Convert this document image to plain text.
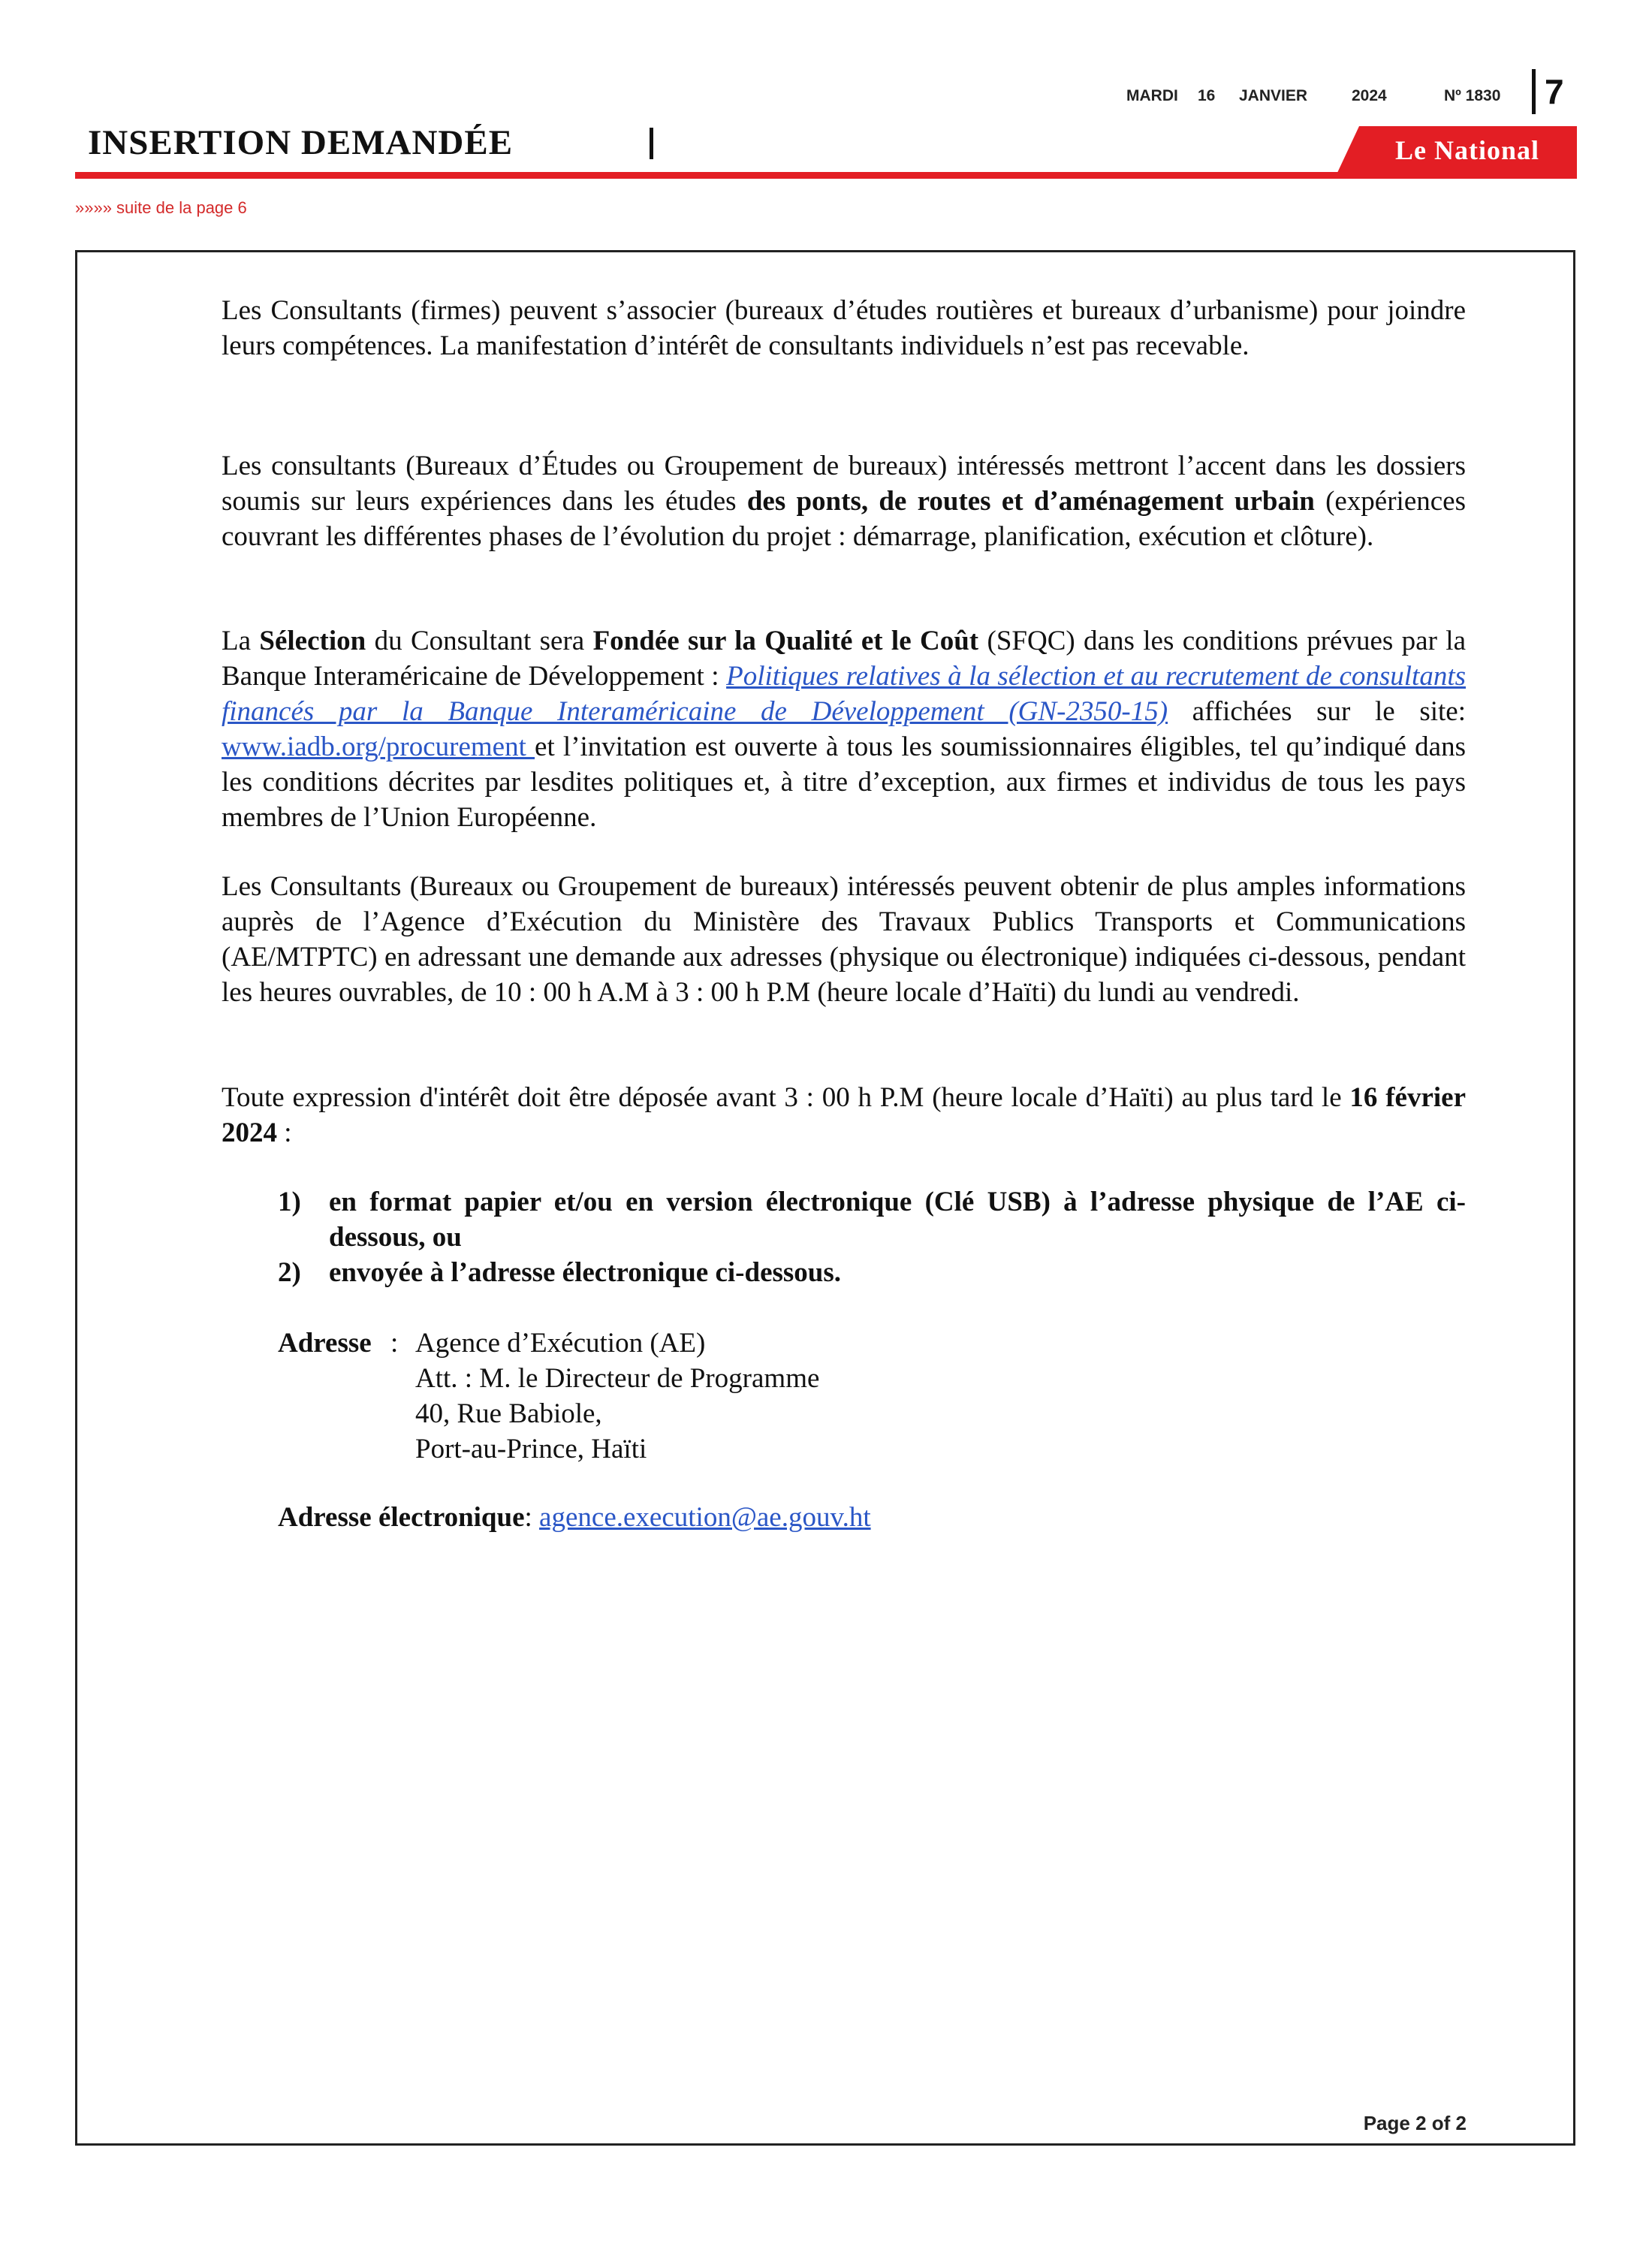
MARDI 16 JANVIER	2024	Nº 1830	7
INSERTION DEMANDÉE	Le National
»»»» suite de la page 6
Les Consultants (firmes) peuvent s’associer (bureaux d’études routières et bureaux d’urbanisme) pour joindre leurs compétences. La manifestation d’intérêt de consultants individuels n’est pas recevable.
Les consultants (Bureaux d’Études ou Groupement de bureaux) intéressés mettront l’accent dans les dossiers soumis sur leurs expériences dans les études des ponts, de routes et d’aménagement urbain (expériences couvrant les différentes phases de l’évolution du projet : démarrage, planification, exécution et clôture).
La Sélection du Consultant sera Fondée sur la Qualité et le Coût (SFQC) dans les conditions prévues par la Banque Interaméricaine de Développement : Politiques relatives à la sélection et au recrutement de consultants financés par la Banque Interaméricaine de Développement (GN-2350-15) affichées sur le site: www.iadb.org/procurement et l’invitation est ouverte à tous les soumissionnaires éligibles, tel qu’indiqué dans les conditions décrites par lesdites politiques et, à titre d’exception, aux firmes et individus de tous les pays membres de l’Union Européenne.
Les Consultants (Bureaux ou Groupement de bureaux) intéressés peuvent obtenir de plus amples informations auprès de l’Agence d’Exécution du Ministère des Travaux Publics Transports et Communications (AE/MTPTC) en adressant une demande aux adresses (physique ou électronique) indiquées ci-dessous, pendant les heures ouvrables, de 10 : 00 h A.M à 3 : 00 h P.M (heure locale d’Haïti) du lundi au vendredi.
Toute expression d'intérêt doit être déposée avant 3 : 00 h P.M (heure locale d’Haïti) au plus tard le 16 février 2024 :
1) en format papier et/ou en version électronique (Clé USB) à l’adresse physique de l’AE ci-dessous, ou
2) envoyée à l’adresse électronique ci-dessous.
Adresse : Agence d’Exécution (AE)
Att. : M. le Directeur de Programme
40, Rue Babiole,
Port-au-Prince, Haïti
Adresse électronique: agence.execution@ae.gouv.ht
Page 2 of 2
